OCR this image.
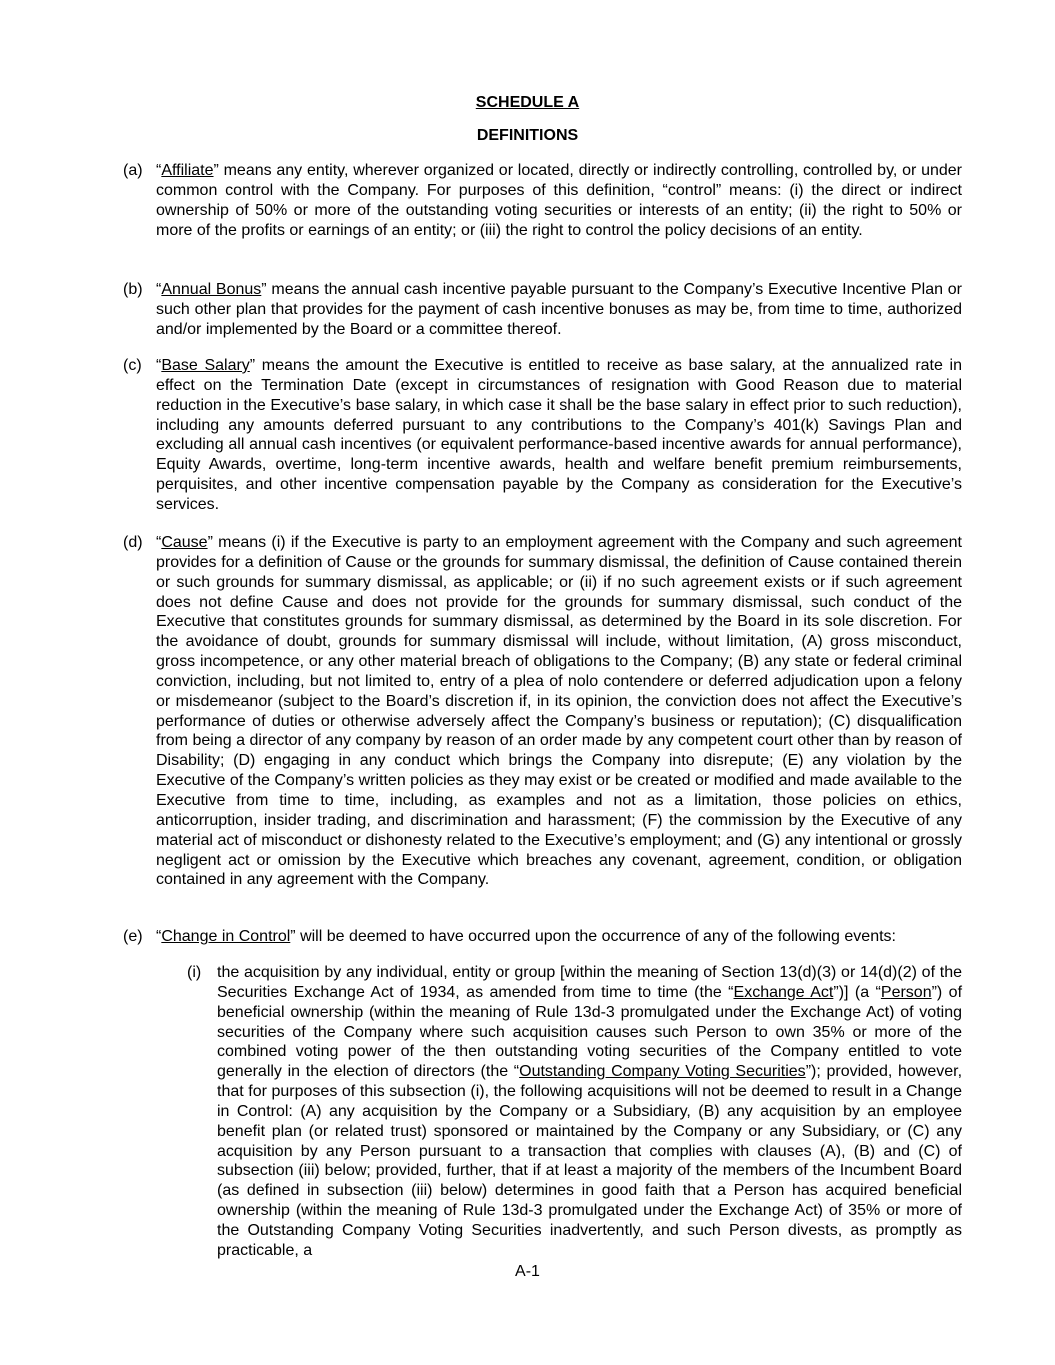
SCHEDULE A
DEFINITIONS
(a) “Affiliate” means any entity, wherever organized or located, directly or indirectly controlling, controlled by, or under common control with the Company. For purposes of this definition, “control” means: (i) the direct or indirect ownership of 50% or more of the outstanding voting securities or interests of an entity; (ii) the right to 50% or more of the profits or earnings of an entity; or (iii) the right to control the policy decisions of an entity.
(b) “Annual Bonus” means the annual cash incentive payable pursuant to the Company’s Executive Incentive Plan or such other plan that provides for the payment of cash incentive bonuses as may be, from time to time, authorized and/or implemented by the Board or a committee thereof.
(c) “Base Salary” means the amount the Executive is entitled to receive as base salary, at the annualized rate in effect on the Termination Date (except in circumstances of resignation with Good Reason due to material reduction in the Executive’s base salary, in which case it shall be the base salary in effect prior to such reduction), including any amounts deferred pursuant to any contributions to the Company’s 401(k) Savings Plan and excluding all annual cash incentives (or equivalent performance-based incentive awards for annual performance), Equity Awards, overtime, long-term incentive awards, health and welfare benefit premium reimbursements, perquisites, and other incentive compensation payable by the Company as consideration for the Executive’s services.
(d) “Cause” means (i) if the Executive is party to an employment agreement with the Company and such agreement provides for a definition of Cause or the grounds for summary dismissal, the definition of Cause contained therein or such grounds for summary dismissal, as applicable; or (ii) if no such agreement exists or if such agreement does not define Cause and does not provide for the grounds for summary dismissal, such conduct of the Executive that constitutes grounds for summary dismissal, as determined by the Board in its sole discretion. For the avoidance of doubt, grounds for summary dismissal will include, without limitation, (A) gross misconduct, gross incompetence, or any other material breach of obligations to the Company; (B) any state or federal criminal conviction, including, but not limited to, entry of a plea of nolo contendere or deferred adjudication upon a felony or misdemeanor (subject to the Board’s discretion if, in its opinion, the conviction does not affect the Executive’s performance of duties or otherwise adversely affect the Company’s business or reputation); (C) disqualification from being a director of any company by reason of an order made by any competent court other than by reason of Disability; (D) engaging in any conduct which brings the Company into disrepute; (E) any violation by the Executive of the Company’s written policies as they may exist or be created or modified and made available to the Executive from time to time, including, as examples and not as a limitation, those policies on ethics, anticorruption, insider trading, and discrimination and harassment; (F) the commission by the Executive of any material act of misconduct or dishonesty related to the Executive’s employment; and (G) any intentional or grossly negligent act or omission by the Executive which breaches any covenant, agreement, condition, or obligation contained in any agreement with the Company.
(e) “Change in Control” will be deemed to have occurred upon the occurrence of any of the following events:
(i) the acquisition by any individual, entity or group [within the meaning of Section 13(d)(3) or 14(d)(2) of the Securities Exchange Act of 1934, as amended from time to time (the “Exchange Act”)] (a “Person”) of beneficial ownership (within the meaning of Rule 13d-3 promulgated under the Exchange Act) of voting securities of the Company where such acquisition causes such Person to own 35% or more of the combined voting power of the then outstanding voting securities of the Company entitled to vote generally in the election of directors (the “Outstanding Company Voting Securities”); provided, however, that for purposes of this subsection (i), the following acquisitions will not be deemed to result in a Change in Control: (A) any acquisition by the Company or a Subsidiary, (B) any acquisition by an employee benefit plan (or related trust) sponsored or maintained by the Company or any Subsidiary, or (C) any acquisition by any Person pursuant to a transaction that complies with clauses (A), (B) and (C) of subsection (iii) below; provided, further, that if at least a majority of the members of the Incumbent Board (as defined in subsection (iii) below) determines in good faith that a Person has acquired beneficial ownership (within the meaning of Rule 13d-3 promulgated under the Exchange Act) of 35% or more of the Outstanding Company Voting Securities inadvertently, and such Person divests, as promptly as practicable, a
A-1
